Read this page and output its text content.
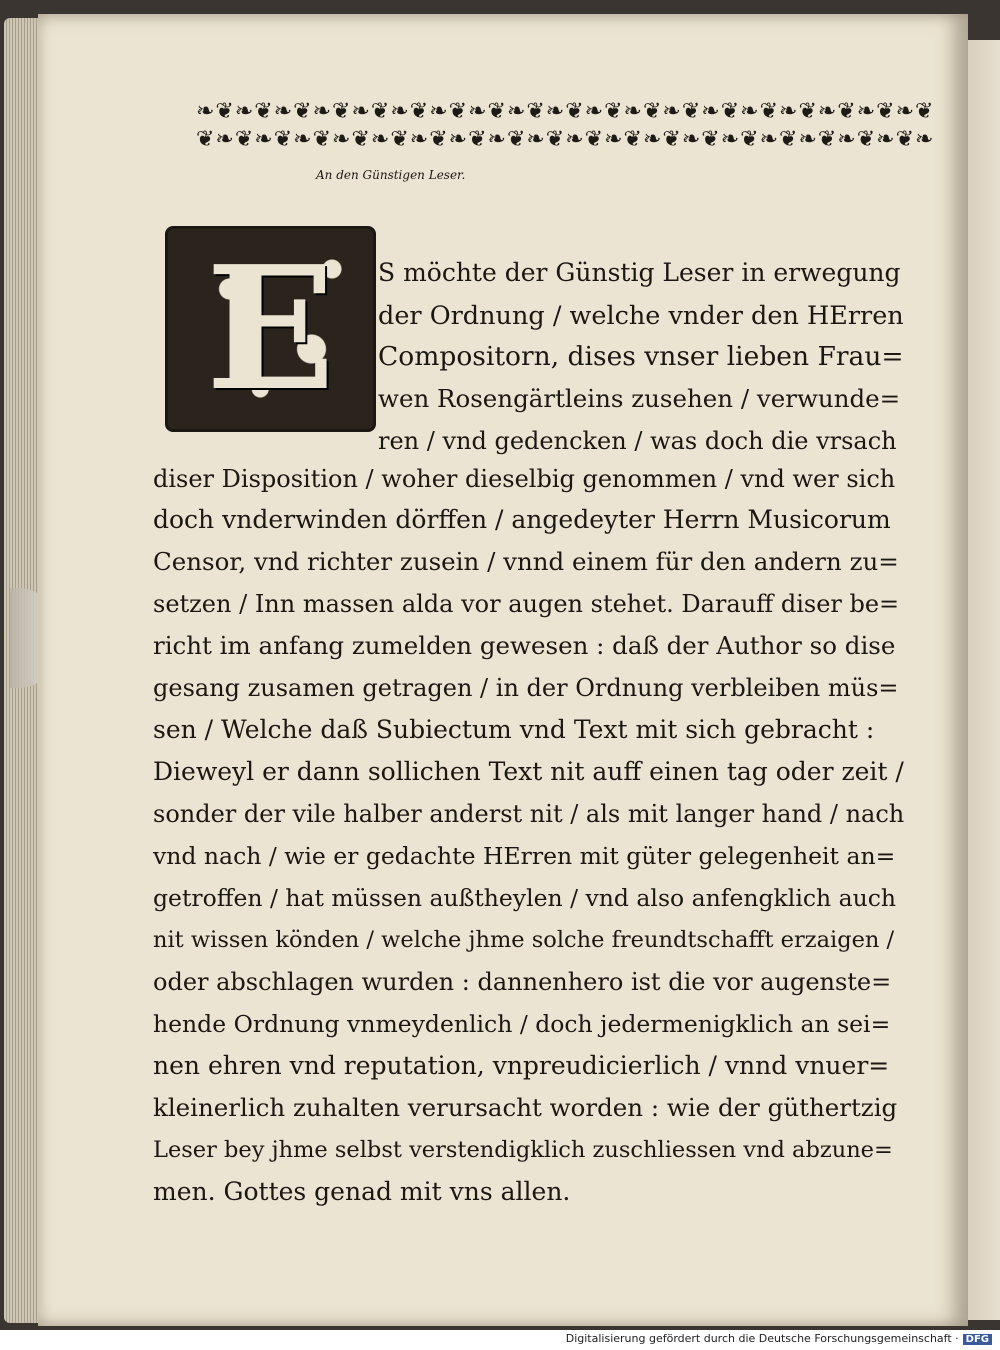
❧❦❧❦❧❦❧❦❧❦❧❦❧❦❧❦❧❦❧❦❧❦❧❦❧❦❧❦❧❦❧❦❧❦❧❦❧❦
❦❧❦❧❦❧❦❧❦❧❦❧❦❧❦❧❦❧❦❧❦❧❦❧❦❧❦❧❦❧❦❧❦❧❦❧❦❧
An den Günstigen Leser.
E	S möchte der Günstig Leser in erwegung
der Ordnung / welche vnder den HErren
Compositorn, dises vnser lieben Frau=
wen Rosengärtleins zusehen / verwunde=
ren / vnd gedencken / was doch die vrsach
diser Disposition / woher dieselbig genommen / vnd wer sich
doch vnderwinden dörffen / angedeyter Herrn Musicorum
Censor, vnd richter zusein / vnnd einem für den andern zu=
setzen / Inn massen alda vor augen stehet. Darauff diser be=
richt im anfang zumelden gewesen : daß der Author so dise
gesang zusamen getragen / in der Ordnung verbleiben müs=
sen / Welche daß Subiectum vnd Text mit sich gebracht :
Dieweyl er dann sollichen Text nit auff einen tag oder zeit /
sonder der vile halber anderst nit / als mit langer hand / nach
vnd nach / wie er gedachte HErren mit güter gelegenheit an=
getroffen / hat müssen außtheylen / vnd also anfengklich auch
nit wissen könden / welche jhme solche freundtschafft erzaigen /
oder abschlagen wurden : dannenhero ist die vor augenste=
hende Ordnung vnmeydenlich / doch jedermenigklich an sei=
nen ehren vnd reputation, vnpreudicierlich / vnnd vnuer=
kleinerlich zuhalten verursacht worden : wie der güthertzig
Leser bey jhme selbst verstendigklich zuschliessen vnd abzune=
men. Gottes genad mit vns allen.
Digitalisierung gefördert durch die Deutsche Forschungsgemeinschaft · DFG
